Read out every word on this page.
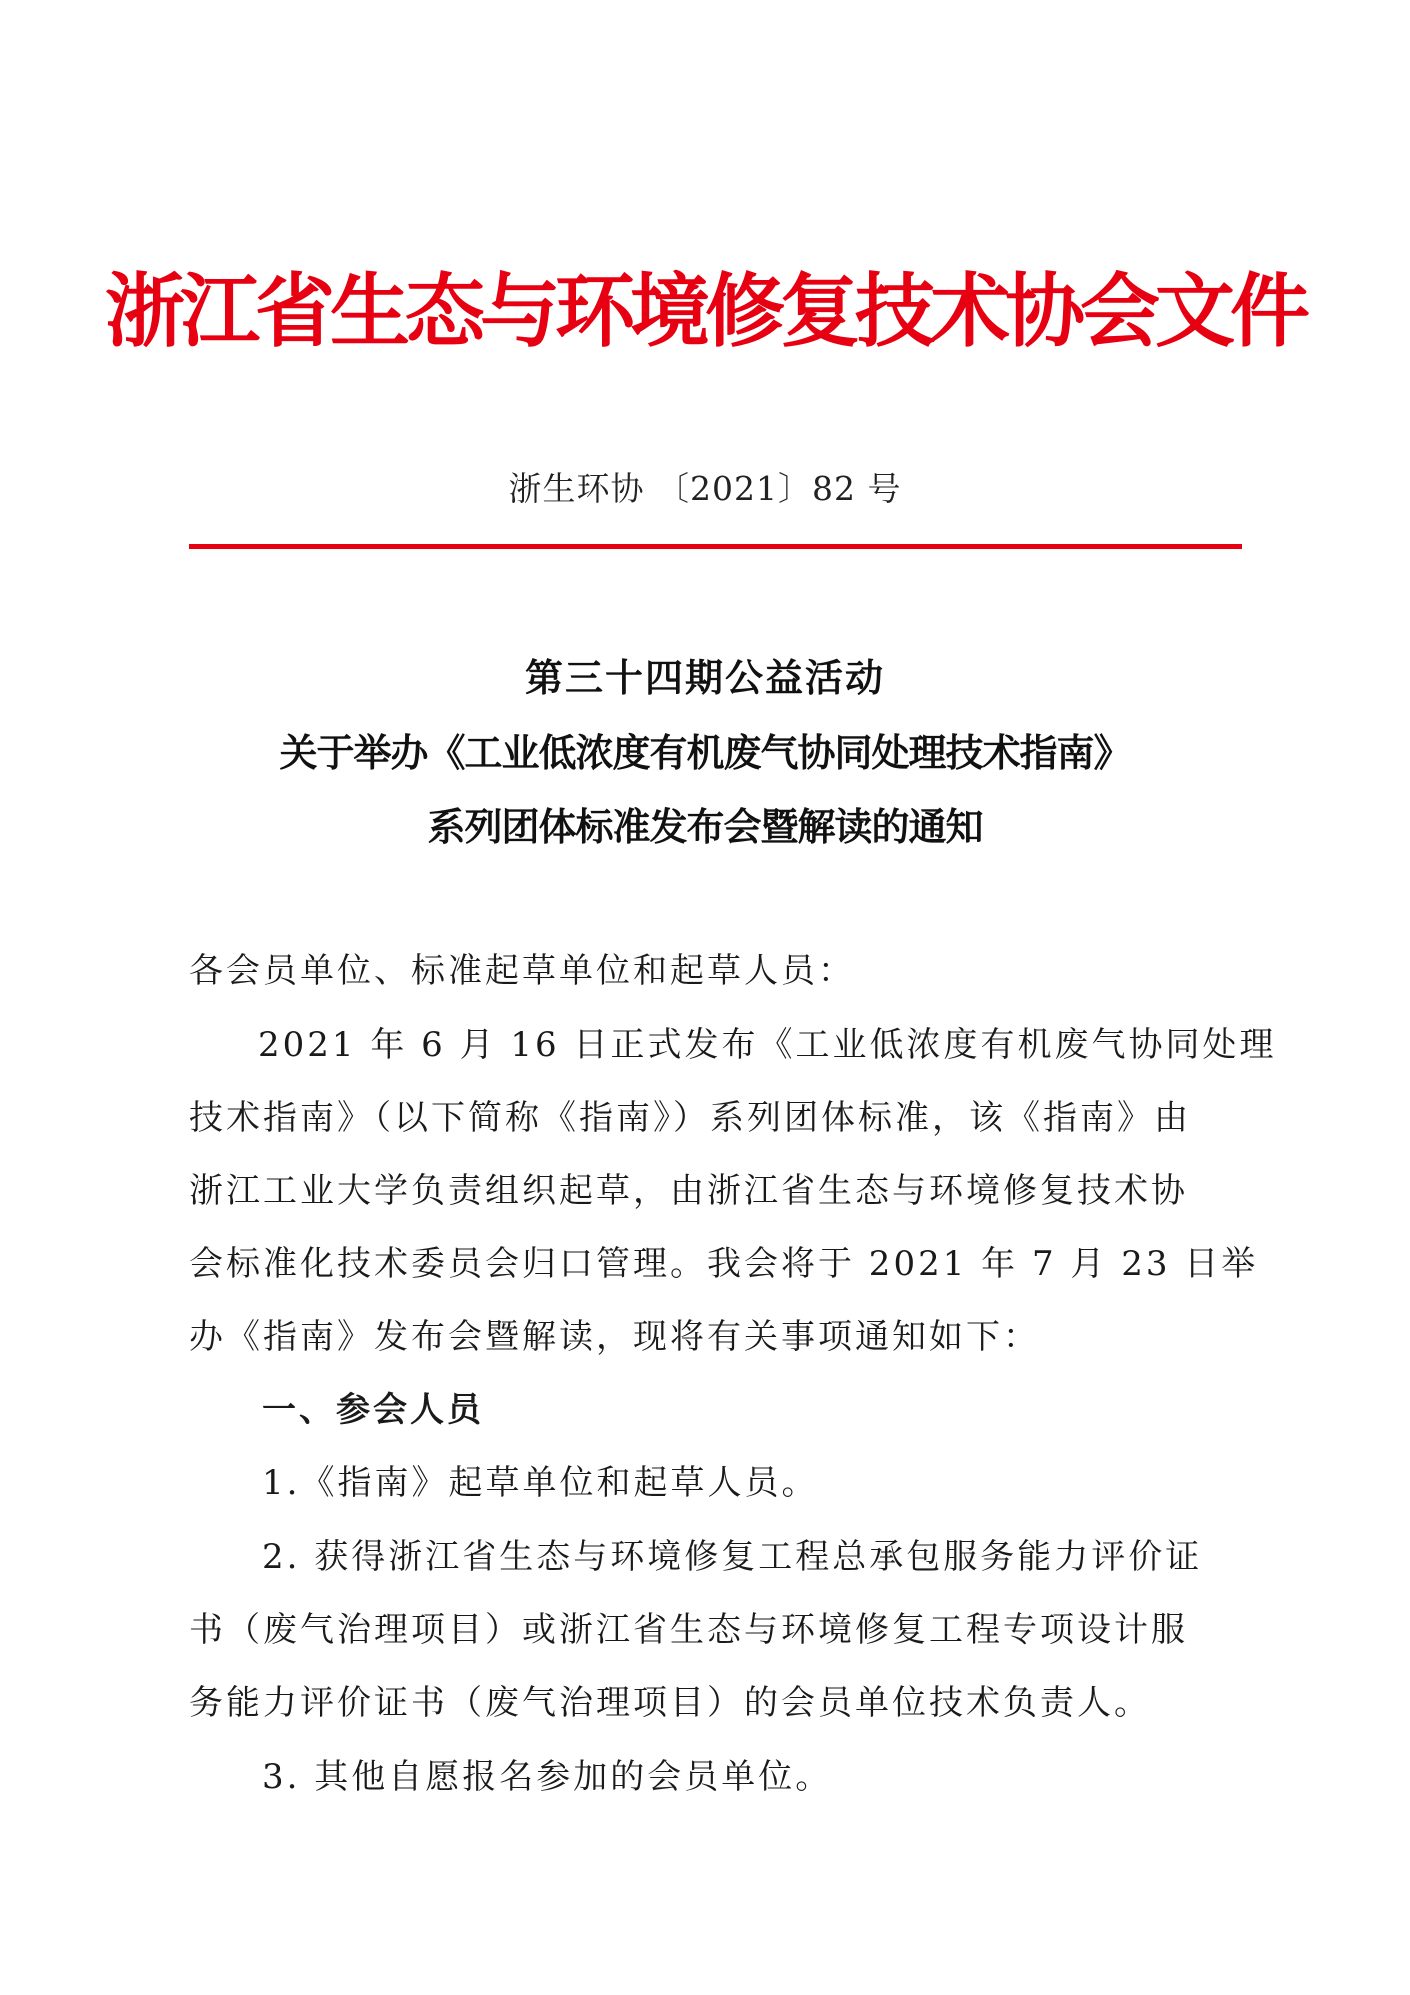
浙江省生态与环境修复技术协会文件
浙生环协 〔2021〕82 号
第三十四期公益活动
关于举办《工业低浓度有机废气协同处理技术指南》
系列团体标准发布会暨解读的通知
各会员单位、标准起草单位和起草人员：
2021 年 6 月 16 日正式发布《工业低浓度有机废气协同处理
技术指南》（以下简称《指南》）系列团体标准，该《指南》由
浙江工业大学负责组织起草，由浙江省生态与环境修复技术协
会标准化技术委员会归口管理。我会将于 2021 年 7 月 23 日举
办《指南》发布会暨解读，现将有关事项通知如下：
一、参会人员
1.《指南》起草单位和起草人员。
2. 获得浙江省生态与环境修复工程总承包服务能力评价证
书（废气治理项目）或浙江省生态与环境修复工程专项设计服
务能力评价证书（废气治理项目）的会员单位技术负责人。
3. 其他自愿报名参加的会员单位。
